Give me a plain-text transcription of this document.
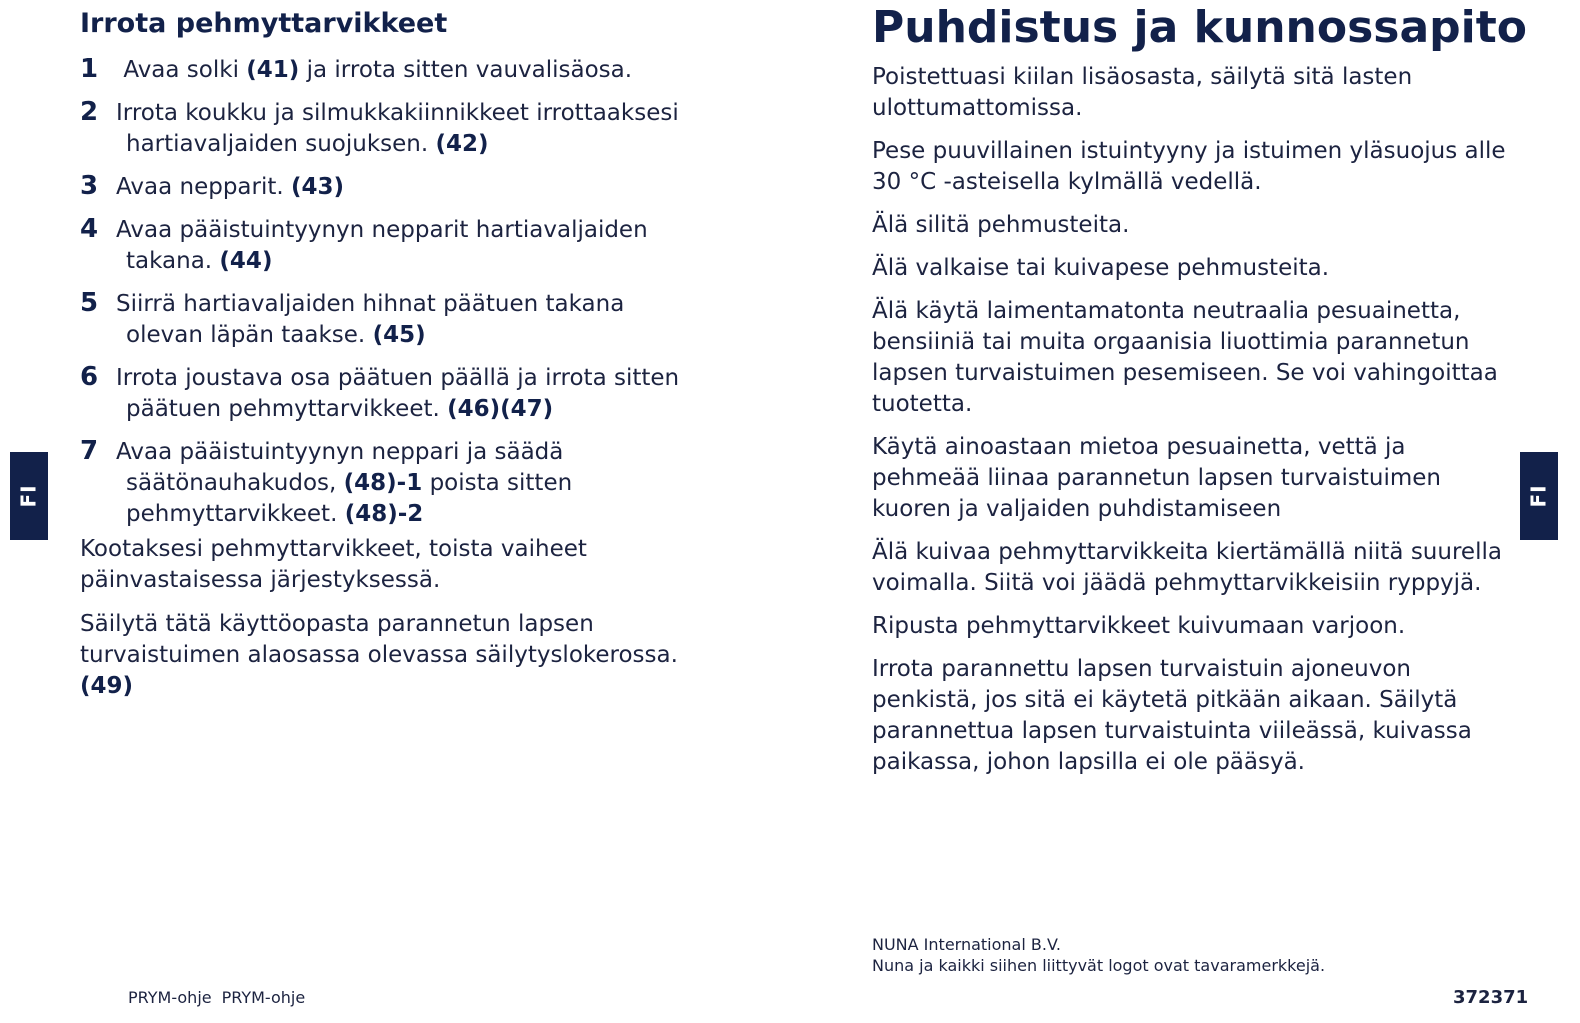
FI
Irrota pehmyttarvikkeet
1 Avaa solki (41) ja irrota sitten vauvalisäosa.
2 Irrota koukku ja silmukkakiinnikkeet irrottaaksesi
hartiavaljaiden suojuksen. (42)
3 Avaa nepparit. (43)
4 Avaa pääistuintyynyn nepparit hartiavaljaiden
takana. (44)
5 Siirrä hartiavaljaiden hihnat päätuen takana
olevan läpän taakse. (45)
6 Irrota joustava osa päätuen päällä ja irrota sitten
päätuen pehmyttarvikkeet. (46)(47)
7 Avaa pääistuintyynyn neppari ja säädä
säätönauhakudos, (48)-1 poista sitten
pehmyttarvikkeet. (48)-2

Kootaksesi pehmyttarvikkeet, toista vaiheet päinvastaisessa järjestyksessä.

Säilytä tätä käyttöopasta parannetun lapsen turvaistuimen alaosassa olevassa säilytyslokerossa.
(49)

PRYM-ohje PRYM-ohje
Puhdistus ja kunnossapito
Poistettuasi kiilan lisäosasta, säilytä sitä lasten ulottumattomissa.
Pese puuvillainen istuintyyny ja istuimen yläsuojus alle 30 °C -asteisella kylmällä vedellä.
Älä silitä pehmusteita.
Älä valkaise tai kuivapese pehmusteita.
Älä käytä laimentamatonta neutraalia pesuainetta, bensiiniä tai muita orgaanisia liuottimia parannetun lapsen turvaistuimen pesemiseen. Se voi vahingoittaa tuotetta.
Käytä ainoastaan mietoa pesuainetta, vettä ja pehmeää liinaa parannetun lapsen turvaistuimen kuoren ja valjaiden puhdistamiseen
Älä kuivaa pehmyttarvikkeita kiertämällä niitä suurella voimalla. Siitä voi jäädä pehmyttarvikkeisiin ryppyjä.
Ripusta pehmyttarvikkeet kuivumaan varjoon.
Irrota parannettu lapsen turvaistuin ajoneuvon penkistä, jos sitä ei käytetä pitkään aikaan. Säilytä parannettua lapsen turvaistuinta viileässä, kuivassa paikassa, johon lapsilla ei ole pääsyä.
FI
NUNA International B.V.
Nuna ja kaikki siihen liittyvät logot ovat tavaramerkkejä.
372371
